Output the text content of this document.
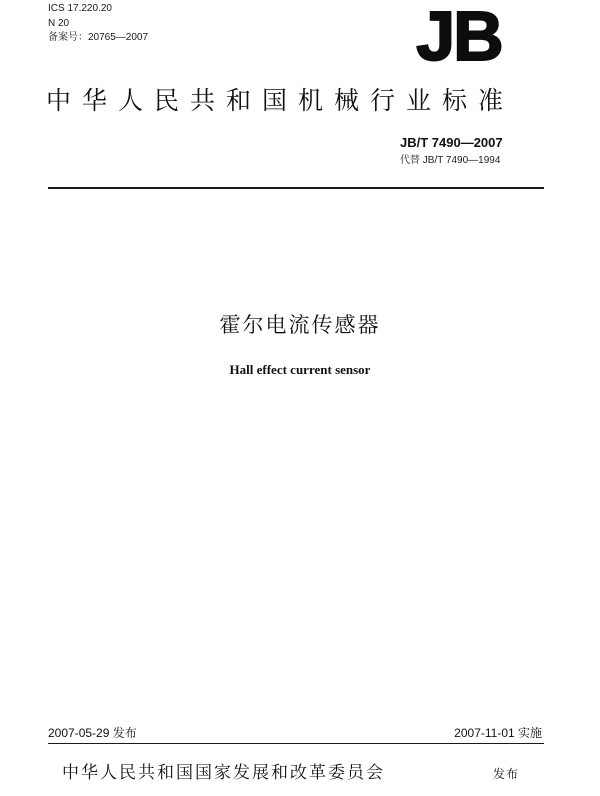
ICS 17.220.20
N 20
备案号：20765—2007	JB
中华人民共和国机械行业标准
JB/T 7490—2007
代替 JB/T 7490—1994
霍尔电流传感器
Hall effect current sensor
2007-05-29 发布	2007-11-01 实施
中华人民共和国国家发展和改革委员会	发布
